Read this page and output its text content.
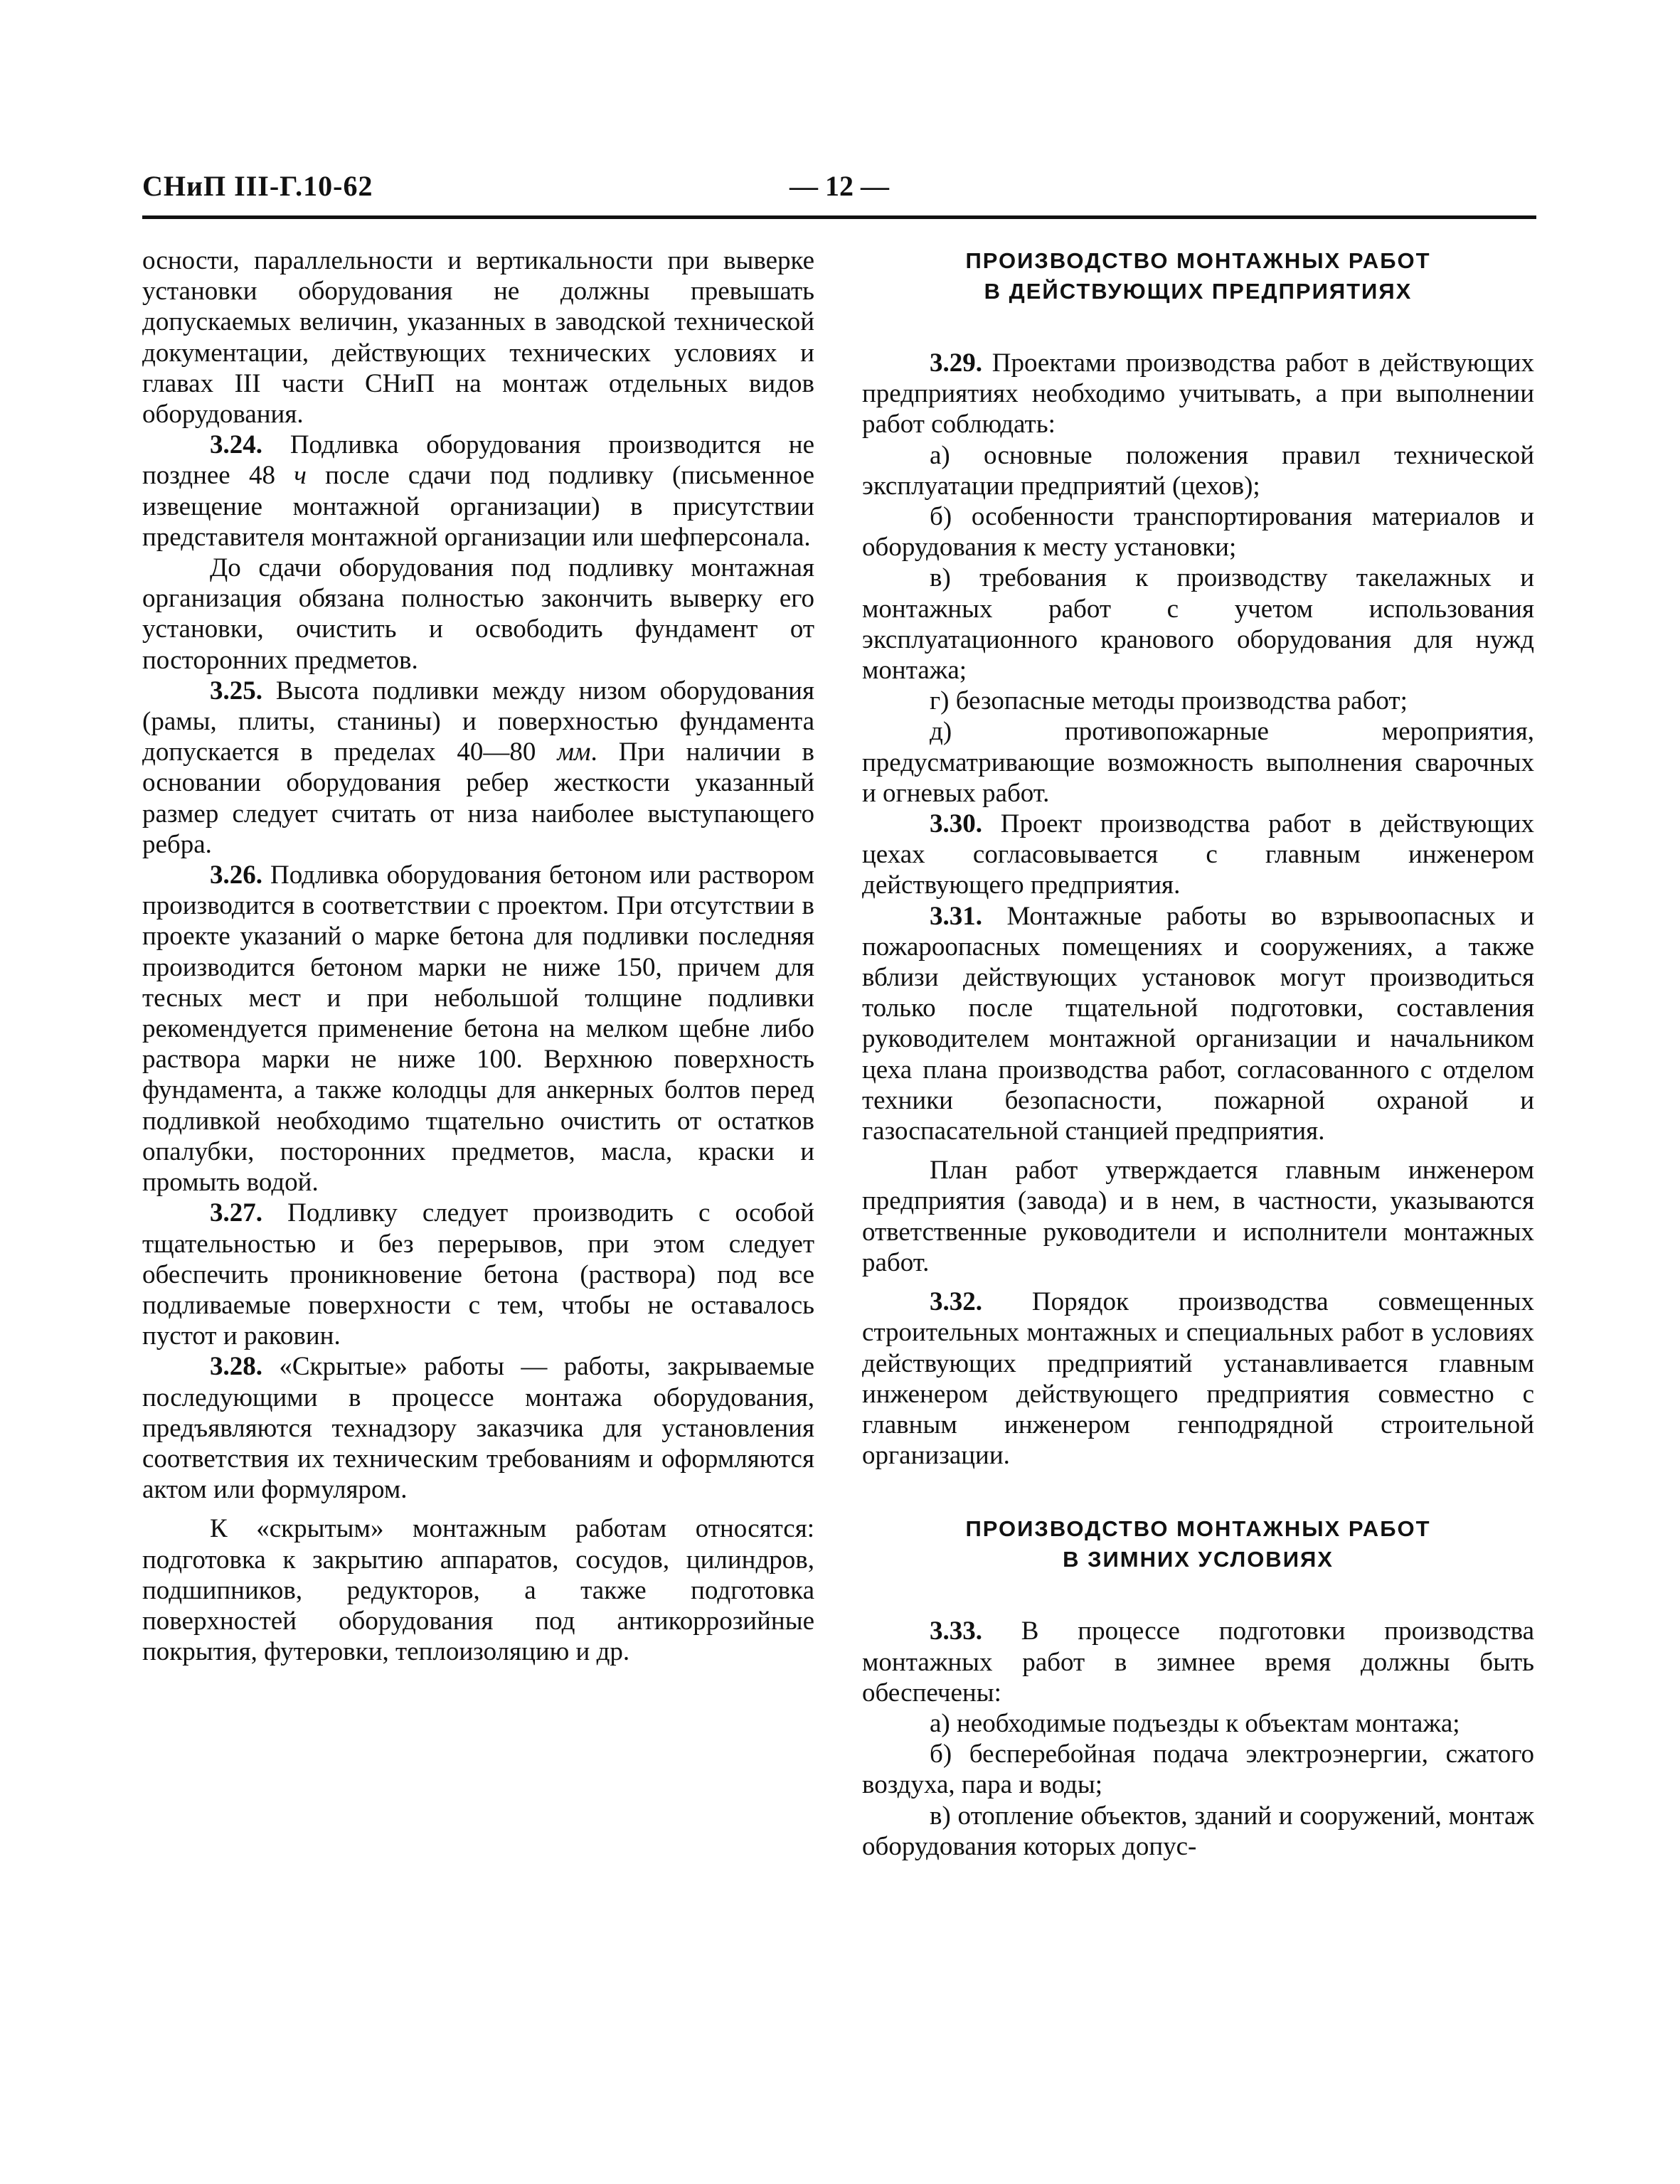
СНиП III-Г.10-62	— 12 —

осности, параллельности и вертикальности при выверке установки оборудования не должны превышать допускаемых величин, указанных в заводской технической документации, действующих технических условиях и главах III части СНиП на монтаж отдельных видов оборудования.

3.24. Подливка оборудования производится не позднее 48 ч после сдачи под подливку (письменное извещение монтажной организации) в присутствии представителя монтажной организации или шефперсонала.

До сдачи оборудования под подливку монтажная организация обязана полностью закончить выверку его установки, очистить и освободить фундамент от посторонних предметов.

3.25. Высота подливки между низом оборудования (рамы, плиты, станины) и поверхностью фундамента допускается в пределах 40—80 мм. При наличии в основании оборудования ребер жесткости указанный размер следует считать от низа наиболее выступающего ребра.

3.26. Подливка оборудования бетоном или раствором производится в соответствии с проектом. При отсутствии в проекте указаний о марке бетона для подливки последняя производится бетоном марки не ниже 150, причем для тесных мест и при небольшой толщине подливки рекомендуется применение бетона на мелком щебне либо раствора марки не ниже 100. Верхнюю поверхность фундамента, а также колодцы для анкерных болтов перед подливкой необходимо тщательно очистить от остатков опалубки, посторонних предметов, масла, краски и промыть водой.

3.27. Подливку следует производить с особой тщательностью и без перерывов, при этом следует обеспечить проникновение бетона (раствора) под все подливаемые поверхности с тем, чтобы не оставалось пустот и раковин.

3.28. «Скрытые» работы — работы, закрываемые последующими в процессе монтажа оборудования, предъявляются технадзору заказчика для установления соответствия их техническим требованиям и оформляются актом или формуляром.

К «скрытым» монтажным работам относятся: подготовка к закрытию аппаратов, сосудов, цилиндров, подшипников, редукторов, а также подготовка поверхностей оборудования под антикоррозийные покрытия, футеровки, теплоизоляцию и др.

ПРОИЗВОДСТВО МОНТАЖНЫХ РАБОТ
В ДЕЙСТВУЮЩИХ ПРЕДПРИЯТИЯХ

3.29. Проектами производства работ в действующих предприятиях необходимо учитывать, а при выполнении работ соблюдать:

а) основные положения правил технической эксплуатации предприятий (цехов);

б) особенности транспортирования материалов и оборудования к месту установки;

в) требования к производству такелажных и монтажных работ с учетом использования эксплуатационного кранового оборудования для нужд монтажа;

г) безопасные методы производства работ;

д) противопожарные мероприятия, предусматривающие возможность выполнения сварочных и огневых работ.

3.30. Проект производства работ в действующих цехах согласовывается с главным инженером действующего предприятия.

3.31. Монтажные работы во взрывоопасных и пожароопасных помещениях и сооружениях, а также вблизи действующих установок могут производиться только после тщательной подготовки, составления руководителем монтажной организации и начальником цеха плана производства работ, согласованного с отделом техники безопасности, пожарной охраной и газоспасательной станцией предприятия.

План работ утверждается главным инженером предприятия (завода) и в нем, в частности, указываются ответственные руководители и исполнители монтажных работ.

3.32. Порядок производства совмещенных строительных монтажных и специальных работ в условиях действующих предприятий устанавливается главным инженером действующего предприятия совместно с главным инженером генподрядной строительной организации.

ПРОИЗВОДСТВО МОНТАЖНЫХ РАБОТ
В ЗИМНИХ УСЛОВИЯХ

3.33. В процессе подготовки производства монтажных работ в зимнее время должны быть обеспечены:

а) необходимые подъезды к объектам монтажа;

б) бесперебойная подача электроэнергии, сжатого воздуха, пара и воды;

в) отопление объектов, зданий и сооружений, монтаж оборудования которых допус-
